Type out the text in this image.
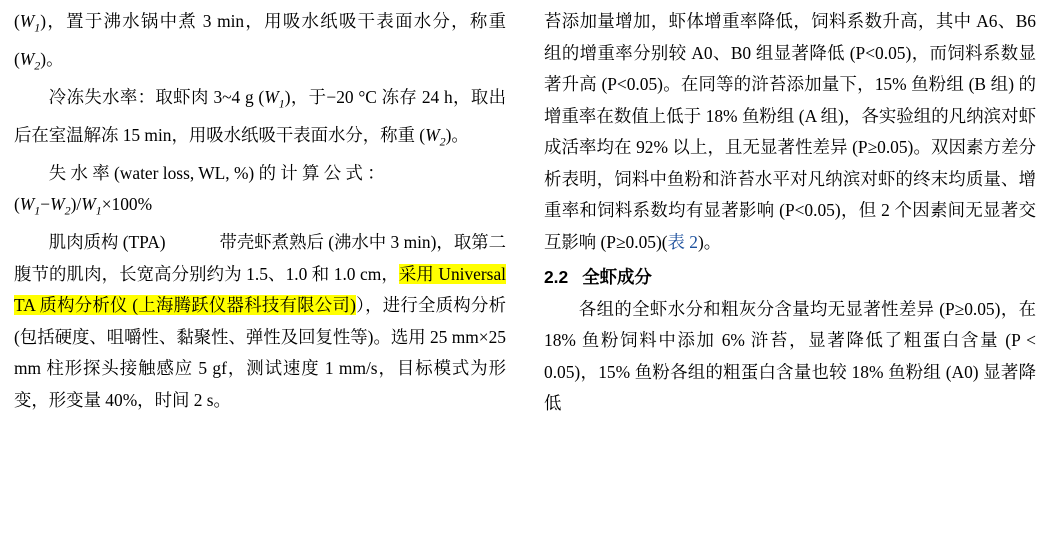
$(W_1)$，置于沸水锅中煮 3 min，用吸水纸吸干表面水分，称重 $(W_2)$。

冷冻失水率：取虾肉 3~4 g $(W_1)$，于−20 °C 冻存 24 h，取出后在室温解冻 15 min，用吸水纸吸干表面水分，称重 $(W_2)$。

失 水 率 (water loss, WL, %) 的 计 算 公 式 ：

$(W_1-W_2)/W_1\times 100\%$

肌肉质构 (TPA)	带壳虾煮熟后 (沸水中 3 min)，取第二腹节的肌肉，长宽高分别约为 1.5、1.0 和 1.0 cm，采用 Universal TA 质构分析仪 (上海腾跃仪器科技有限公司)），进行全质构分析 (包括硬度、咀嚼性、黏聚性、弹性及回复性等)。选用 25 mm×25 mm 柱形探头接触感应 5 gf，测试速度 1 mm/s，目标模式为形变，形变量 40%，时间 2 s。

苔添加量增加，虾体增重率降低，饲料系数升高，其中 A6、B6 组的增重率分别较 A0、B0 组显著降低 (P<0.05)，而饲料系数显著升高 (P<0.05)。在同等的浒苔添加量下，15% 鱼粉组 (B 组) 的增重率在数值上低于 18% 鱼粉组 (A 组)，各实验组的凡纳滨对虾成活率均在 92% 以上，且无显著性差异 (P≥0.05)。双因素方差分析表明，饲料中鱼粉和浒苔水平对凡纳滨对虾的终末均质量、增重率和饲料系数均有显著影响 (P<0.05)，但 2 个因素间无显著交互影响 (P≥0.05)(表 2)。

2.2 全虾成分

各组的全虾水分和粗灰分含量均无显著性差异 (P≥0.05)，在18% 鱼粉饲料中添加 6% 浒苔，显著降低了粗蛋白含量 (P < 0.05)，15% 鱼粉各组的粗蛋白含量也较 18% 鱼粉组 (A0) 显著降低
